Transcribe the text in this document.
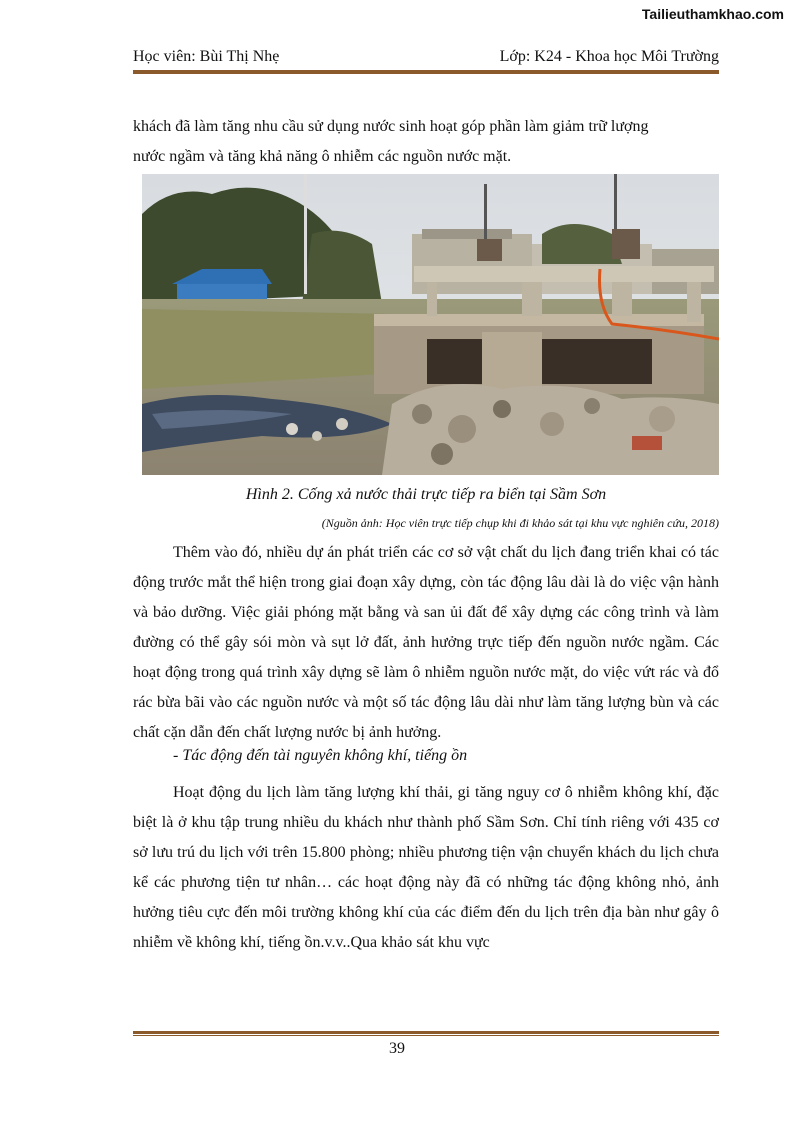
Tailieuthamkhao.com
Học viên: Bùi Thị Nhẹ	Lớp: K24 - Khoa học Môi Trường
khách đã làm tăng nhu cầu sử dụng nước sinh hoạt góp phần làm giảm trữ lượng
nước ngầm và tăng khả năng ô nhiễm các nguồn nước mặt.
Hình 2. Cống xả nước thải trực tiếp ra biển tại Sầm Sơn
(Nguồn ảnh: Học viên trực tiếp chụp khi đi khảo sát tại khu vực nghiên cứu, 2018)

Thêm vào đó, nhiều dự án phát triển các cơ sở vật chất du lịch đang triển khai có tác động trước mắt thể hiện trong giai đoạn xây dựng, còn tác động lâu dài là do việc vận hành và bảo dưỡng. Việc giải phóng mặt bằng và san ủi đất để xây dựng các công trình và làm đường có thể gây sói mòn và sụt lở đất, ảnh hưởng trực tiếp đến nguồn nước ngầm. Các hoạt động trong quá trình xây dựng sẽ làm ô nhiễm nguồn nước mặt, do việc vứt rác và đổ rác bừa bãi vào các nguồn nước và một số tác động lâu dài như làm tăng lượng bùn và các chất cặn dẫn đến chất lượng nước bị ảnh hưởng.

- Tác động đến tài nguyên không khí, tiếng ồn

Hoạt động du lịch làm tăng lượng khí thải, gi tăng nguy cơ ô nhiễm không khí, đặc biệt là ở khu tập trung nhiều du khách như thành phố Sầm Sơn. Chỉ tính riêng với 435 cơ sở lưu trú du lịch với trên 15.800 phòng; nhiều phương tiện vận chuyển khách du lịch chưa kể các phương tiện tư nhân… các hoạt động này đã có những tác động không nhỏ, ảnh hưởng tiêu cực đến môi trường không khí của các điểm đến du lịch trên địa bàn như gây ô nhiễm về không khí, tiếng ồn.v.v..Qua khảo sát khu vực

39
